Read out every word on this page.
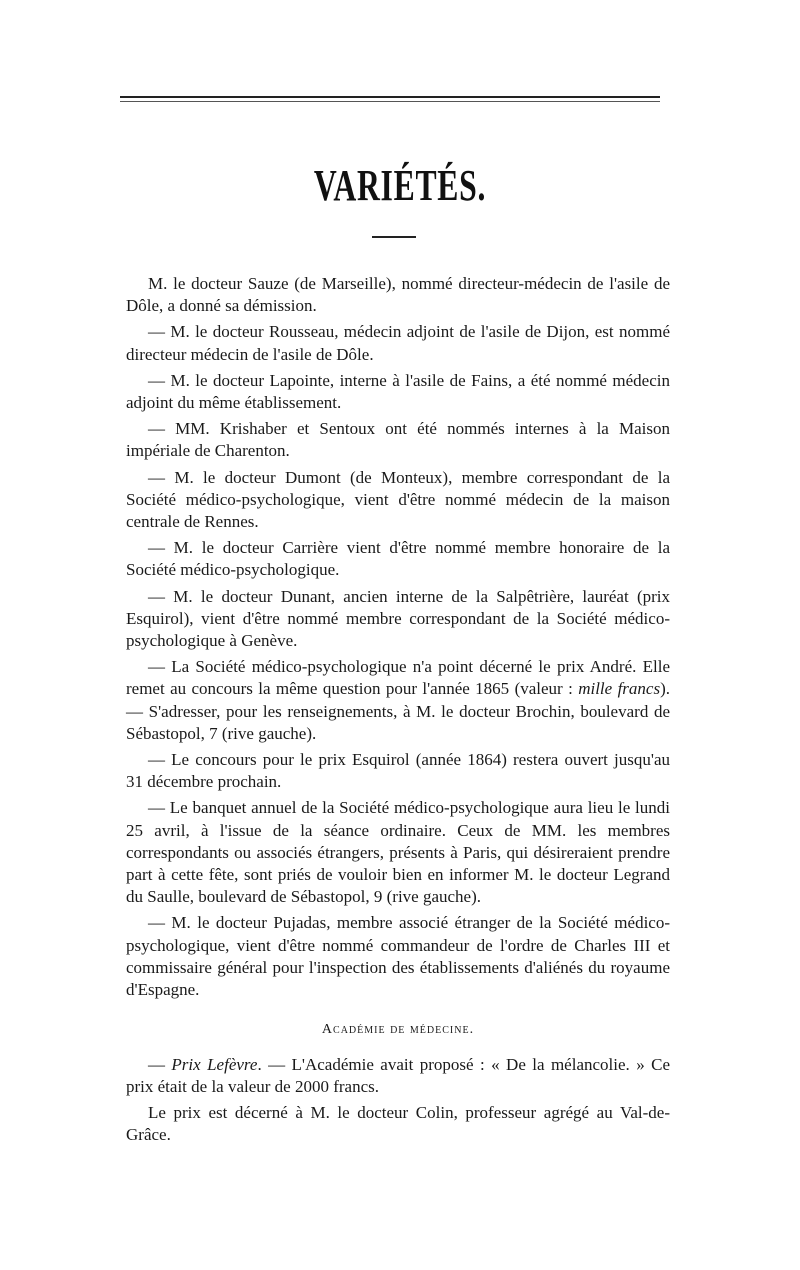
VARIÉTÉS.

M. le docteur Sauze (de Marseille), nommé directeur-médecin de l'asile de Dôle, a donné sa démission.

— M. le docteur Rousseau, médecin adjoint de l'asile de Dijon, est nommé directeur médecin de l'asile de Dôle.

— M. le docteur Lapointe, interne à l'asile de Fains, a été nommé médecin adjoint du même établissement.

— MM. Krishaber et Sentoux ont été nommés internes à la Maison impériale de Charenton.

— M. le docteur Dumont (de Monteux), membre correspondant de la Société médico-psychologique, vient d'être nommé médecin de la maison centrale de Rennes.

— M. le docteur Carrière vient d'être nommé membre honoraire de la Société médico-psychologique.

— M. le docteur Dunant, ancien interne de la Salpêtrière, lauréat (prix Esquirol), vient d'être nommé membre correspondant de la Société médico-psychologique à Genève.

— La Société médico-psychologique n'a point décerné le prix André. Elle remet au concours la même question pour l'année 1865 (valeur : mille francs). — S'adresser, pour les renseignements, à M. le docteur Brochin, boulevard de Sébastopol, 7 (rive gauche).

— Le concours pour le prix Esquirol (année 1864) restera ouvert jusqu'au 31 décembre prochain.

— Le banquet annuel de la Société médico-psychologique aura lieu le lundi 25 avril, à l'issue de la séance ordinaire. Ceux de MM. les membres correspondants ou associés étrangers, présents à Paris, qui désireraient prendre part à cette fête, sont priés de vouloir bien en informer M. le docteur Legrand du Saulle, boulevard de Sébastopol, 9 (rive gauche).

— M. le docteur Pujadas, membre associé étranger de la Société médico-psychologique, vient d'être nommé commandeur de l'ordre de Charles III et commissaire général pour l'inspection des établissements d'aliénés du royaume d'Espagne.

Académie de médecine.

— Prix Lefèvre. — L'Académie avait proposé : « De la mélancolie. » Ce prix était de la valeur de 2000 francs.

Le prix est décerné à M. le docteur Colin, professeur agrégé au Val-de-Grâce.
